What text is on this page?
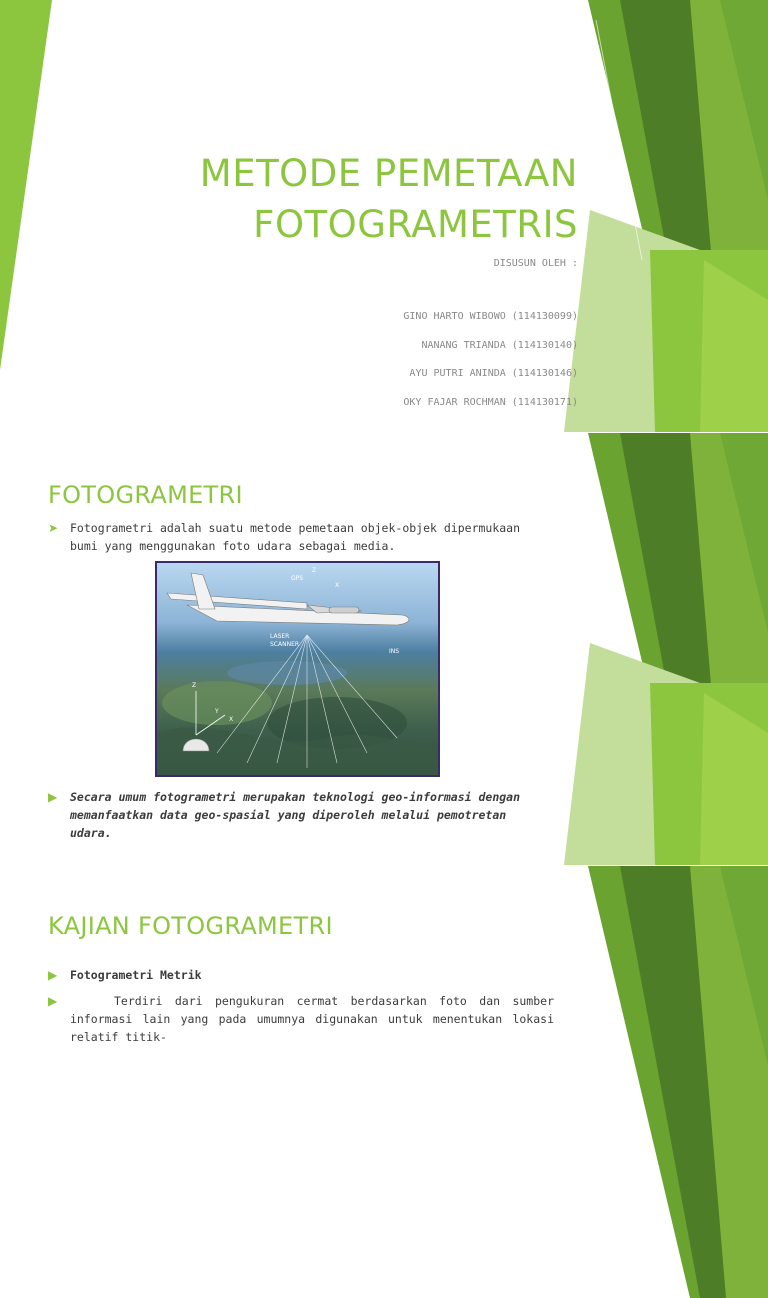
METODE PEMETAAN
FOTOGRAMETRIS
DISUSUN OLEH :
GINO HARTO WIBOWO (114130099)
NANANG TRIANDA (114130140)
AYU PUTRI ANINDA (114130146)
OKY FAJAR ROCHMAN (114130171)
FOTOGRAMETRI
➤	Fotogrametri adalah suatu metode pemetaan objek-objek dipermukaan bumi yang menggunakan foto udara sebagai media.
GPS
Z
X
LASER
SCANNER
INS
Z
Y
X
▶	Secara umum fotogrametri merupakan teknologi geo-informasi dengan memanfaatkan data geo-spasial yang diperoleh melalui pemotretan udara.
KAJIAN FOTOGRAMETRI
▶	Fotogrametri Metrik
▶	Terdiri dari pengukuran cermat berdasarkan foto dan sumber informasi lain yang pada umumnya digunakan untuk menentukan lokasi relatif titik-
